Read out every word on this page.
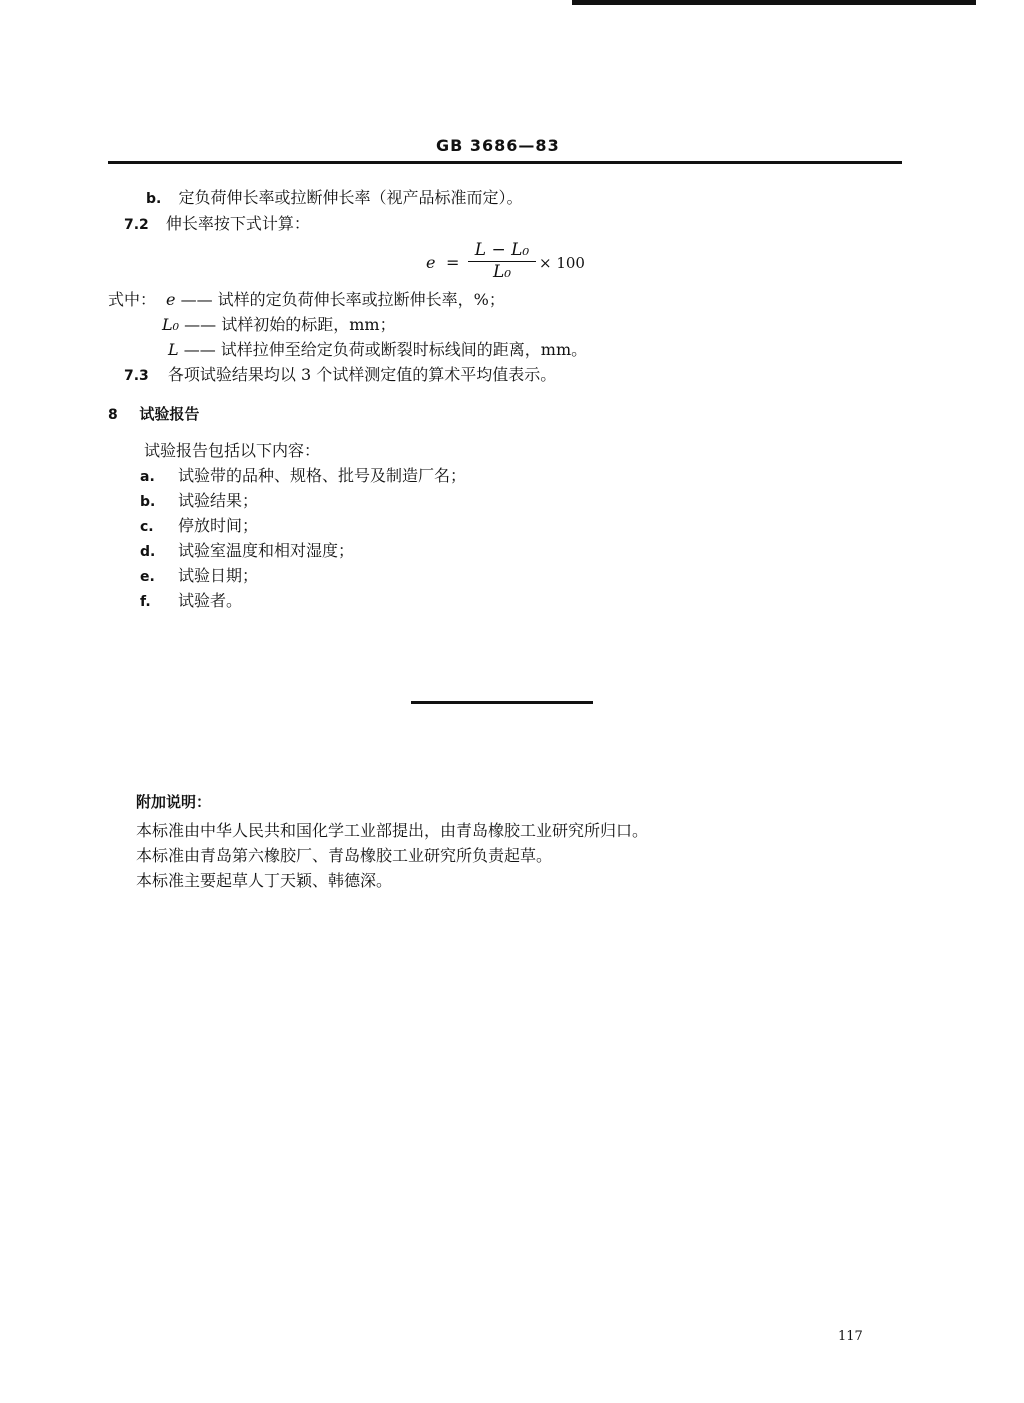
GB 3686—83
b. 定负荷伸长率或拉断伸长率（视产品标准而定）。
7.2 伸长率按下式计算：
$e = \frac{\text{L − L₀}}{\text{L₀}} \times 100$
式中： e —— 试样的定负荷伸长率或拉断伸长率，%；
L₀ —— 试样初始的标距，mm；
L —— 试样拉伸至给定负荷或断裂时标线间的距离，mm。
7.3 各项试验结果均以 3 个试样测定值的算术平均值表示。
8 试验报告
试验报告包括以下内容：
a. 试验带的品种、规格、批号及制造厂名；
b. 试验结果；
c. 停放时间；
d. 试验室温度和相对湿度；
e. 试验日期；
f. 试验者。
附加说明：
本标准由中华人民共和国化学工业部提出，由青岛橡胶工业研究所归口。
本标准由青岛第六橡胶厂、青岛橡胶工业研究所负责起草。
本标准主要起草人丁天颖、韩德深。
117
